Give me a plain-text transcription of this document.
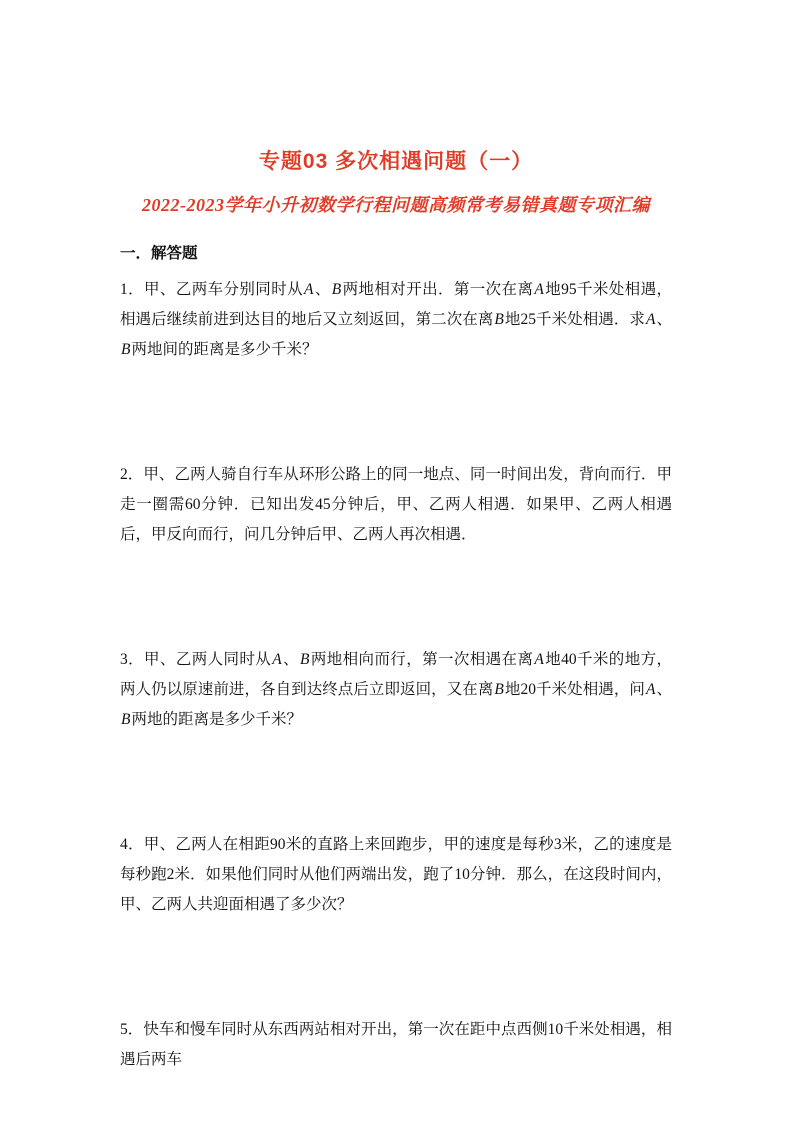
专题03 多次相遇问题（一）
2022-2023学年小升初数学行程问题高频常考易错真题专项汇编
一．解答题

1．甲、乙两车分别同时从A、B两地相对开出．第一次在离A地95千米处相遇，相遇后继续前进到达目的地后又立刻返回，第二次在离B地25千米处相遇．求A、B两地间的距离是多少千米？

2．甲、乙两人骑自行车从环形公路上的同一地点、同一时间出发，背向而行．甲走一圈需60分钟．已知出发45分钟后，甲、乙两人相遇．如果甲、乙两人相遇后，甲反向而行，问几分钟后甲、乙两人再次相遇．

3．甲、乙两人同时从A、B两地相向而行，第一次相遇在离A地40千米的地方，两人仍以原速前进，各自到达终点后立即返回，又在离B地20千米处相遇，问A、B两地的距离是多少千米？

4．甲、乙两人在相距90米的直路上来回跑步，甲的速度是每秒3米，乙的速度是每秒跑2米．如果他们同时从他们两端出发，跑了10分钟．那么，在这段时间内，甲、乙两人共迎面相遇了多少次？

5．快车和慢车同时从东西两站相对开出，第一次在距中点西侧10千米处相遇，相遇后两车
